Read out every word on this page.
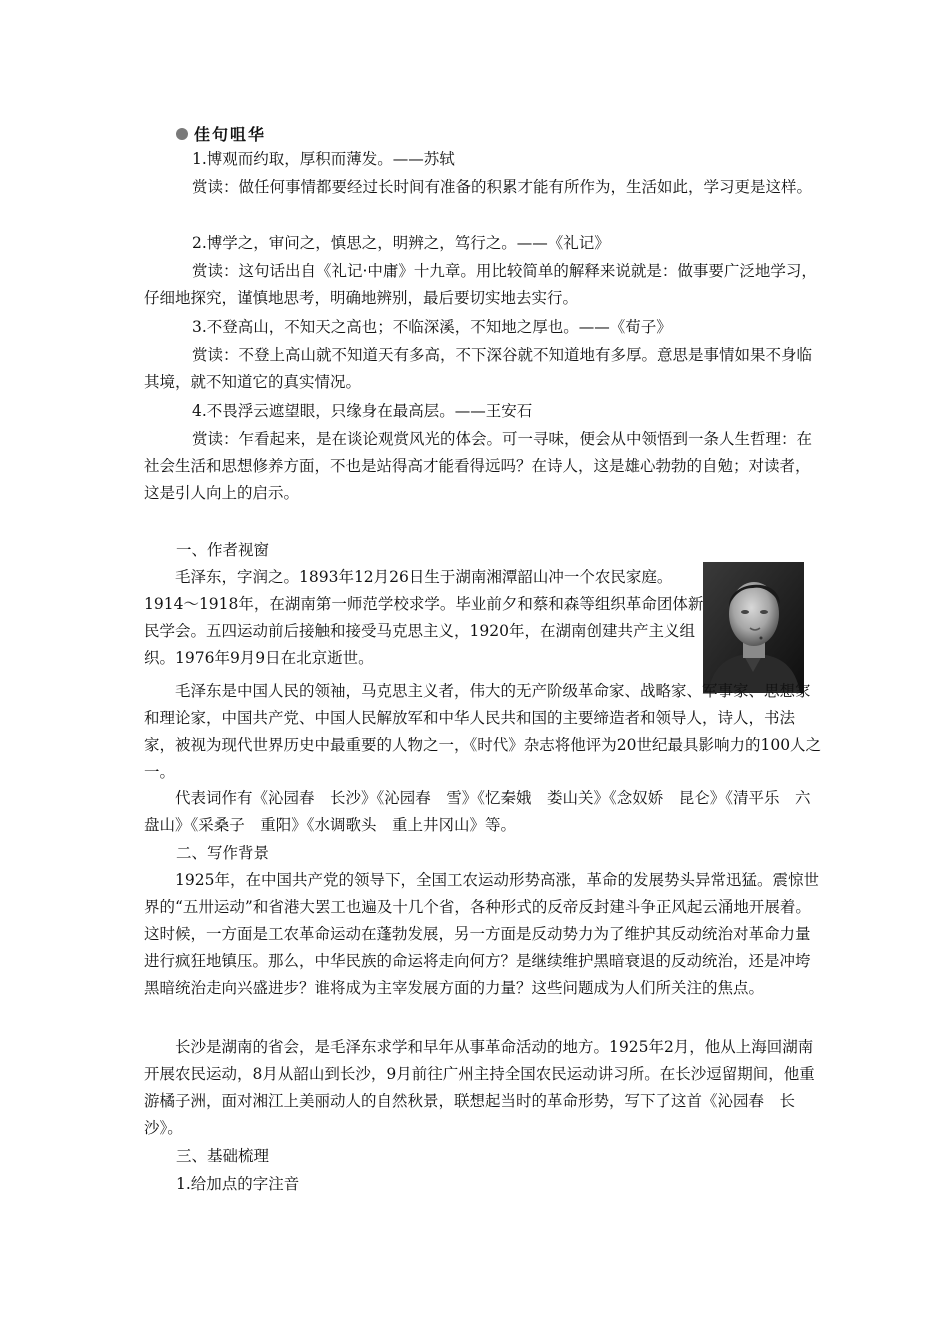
佳句咀华

1.博观而约取，厚积而薄发。——苏轼

赏读：做任何事情都要经过长时间有准备的积累才能有所作为，生活如此，学习更是这样。

2.博学之，审问之，慎思之，明辨之，笃行之。——《礼记》

赏读：这句话出自《礼记·中庸》十九章。用比较简单的解释来说就是：做事要广泛地学习，仔细地探究，谨慎地思考，明确地辨别，最后要切实地去实行。

3.不登高山，不知天之高也；不临深溪，不知地之厚也。——《荀子》

赏读：不登上高山就不知道天有多高，不下深谷就不知道地有多厚。意思是事情如果不身临其境，就不知道它的真实情况。

4.不畏浮云遮望眼，只缘身在最高层。——王安石

赏读：乍看起来，是在谈论观赏风光的体会。可一寻味，便会从中领悟到一条人生哲理：在社会生活和思想修养方面，不也是站得高才能看得远吗？在诗人，这是雄心勃勃的自勉；对读者，这是引人向上的启示。

一、作者视窗

毛泽东，字润之。1893年12月26日生于湖南湘潭韶山冲一个农民家庭。1914～1918年，在湖南第一师范学校求学。毕业前夕和蔡和森等组织革命团体新民学会。五四运动前后接触和接受马克思主义，1920年，在湖南创建共产主义组织。1976年9月9日在北京逝世。

毛泽东是中国人民的领袖，马克思主义者，伟大的无产阶级革命家、战略家、军事家、思想家和理论家，中国共产党、中国人民解放军和中华人民共和国的主要缔造者和领导人，诗人，书法家，被视为现代世界历史中最重要的人物之一，《时代》杂志将他评为20世纪最具影响力的100人之一。

代表词作有《沁园春　长沙》《沁园春　雪》《忆秦娥　娄山关》《念奴娇　昆仑》《清平乐　六盘山》《采桑子　重阳》《水调歌头　重上井冈山》等。

二、写作背景

1925年，在中国共产党的领导下，全国工农运动形势高涨，革命的发展势头异常迅猛。震惊世界的“五卅运动”和省港大罢工也遍及十几个省，各种形式的反帝反封建斗争正风起云涌地开展着。这时候，一方面是工农革命运动在蓬勃发展，另一方面是反动势力为了维护其反动统治对革命力量进行疯狂地镇压。那么，中华民族的命运将走向何方？是继续维护黑暗衰退的反动统治，还是冲垮黑暗统治走向兴盛进步？谁将成为主宰发展方面的力量？这些问题成为人们所关注的焦点。

长沙是湖南的省会，是毛泽东求学和早年从事革命活动的地方。1925年2月，他从上海回湖南开展农民运动，8月从韶山到长沙，9月前往广州主持全国农民运动讲习所。在长沙逗留期间，他重游橘子洲，面对湘江上美丽动人的自然秋景，联想起当时的革命形势，写下了这首《沁园春　长沙》。

三、基础梳理

1.给加点的字注音
